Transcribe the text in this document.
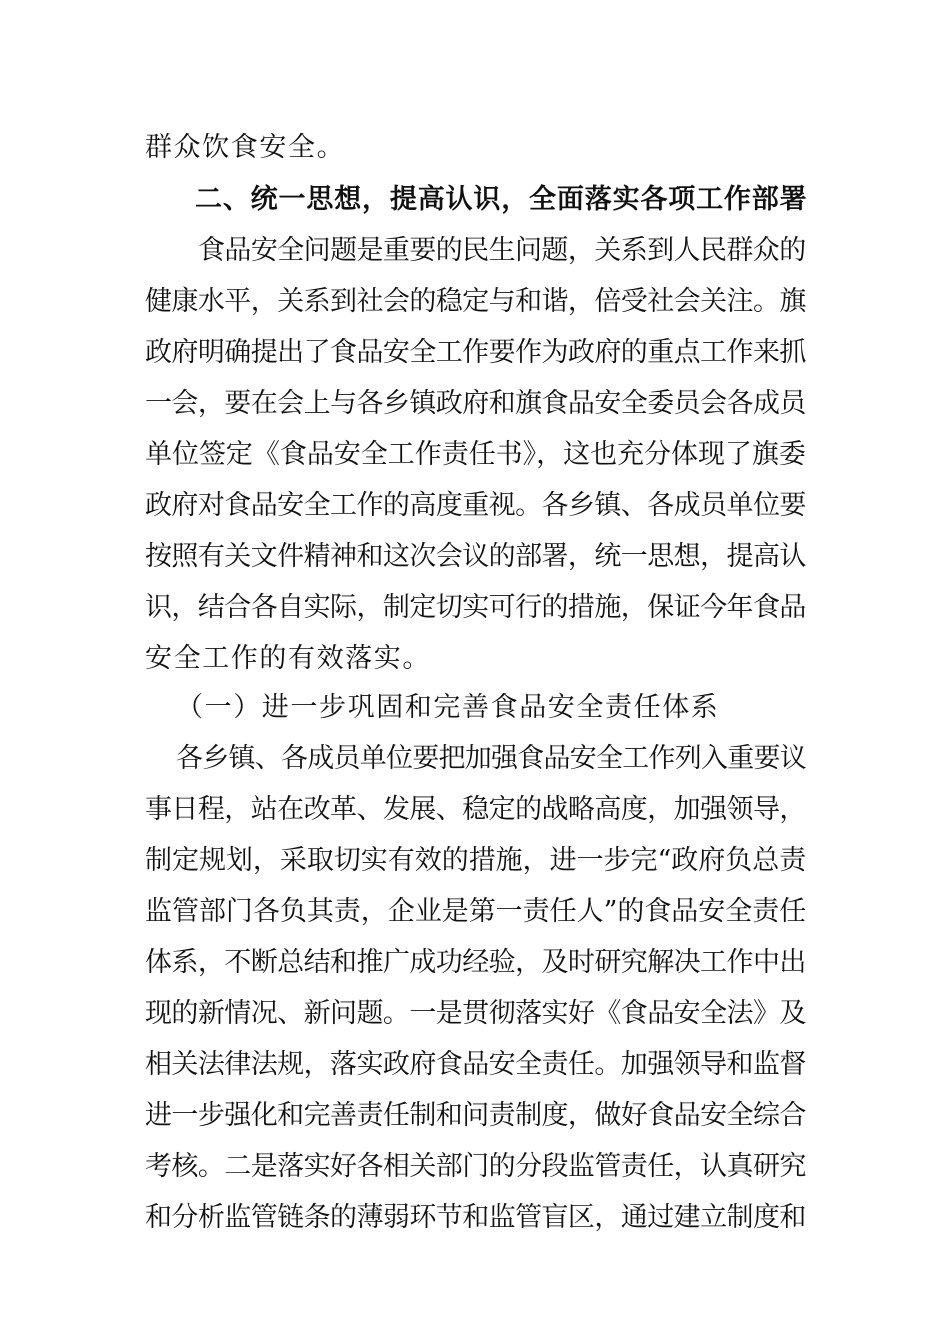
群众饮食安全。
二、统一思想，提高认识，全面落实各项工作部署
食品安全问题是重要的民生问题，关系到人民群众的
健康水平，关系到社会的稳定与和谐，倍受社会关注。旗
政府明确提出了食品安全工作要作为政府的重点工作来抓
一会，要在会上与各乡镇政府和旗食品安全委员会各成员
单位签定《食品安全工作责任书》，这也充分体现了旗委
政府对食品安全工作的高度重视。各乡镇、各成员单位要
按照有关文件精神和这次会议的部署，统一思想，提高认
识，结合各自实际，制定切实可行的措施，保证今年食品
安全工作的有效落实。
（一）进一步巩固和完善食品安全责任体系
各乡镇、各成员单位要把加强食品安全工作列入重要议
事日程，站在改革、发展、稳定的战略高度，加强领导，
制定规划，采取切实有效的措施，进一步完“政府负总责
监管部门各负其责，企业是第一责任人”的食品安全责任
体系，不断总结和推广成功经验，及时研究解决工作中出
现的新情况、新问题。一是贯彻落实好《食品安全法》及
相关法律法规，落实政府食品安全责任。加强领导和监督
进一步强化和完善责任制和问责制度，做好食品安全综合
考核。二是落实好各相关部门的分段监管责任，认真研究
和分析监管链条的薄弱环节和监管盲区，通过建立制度和
